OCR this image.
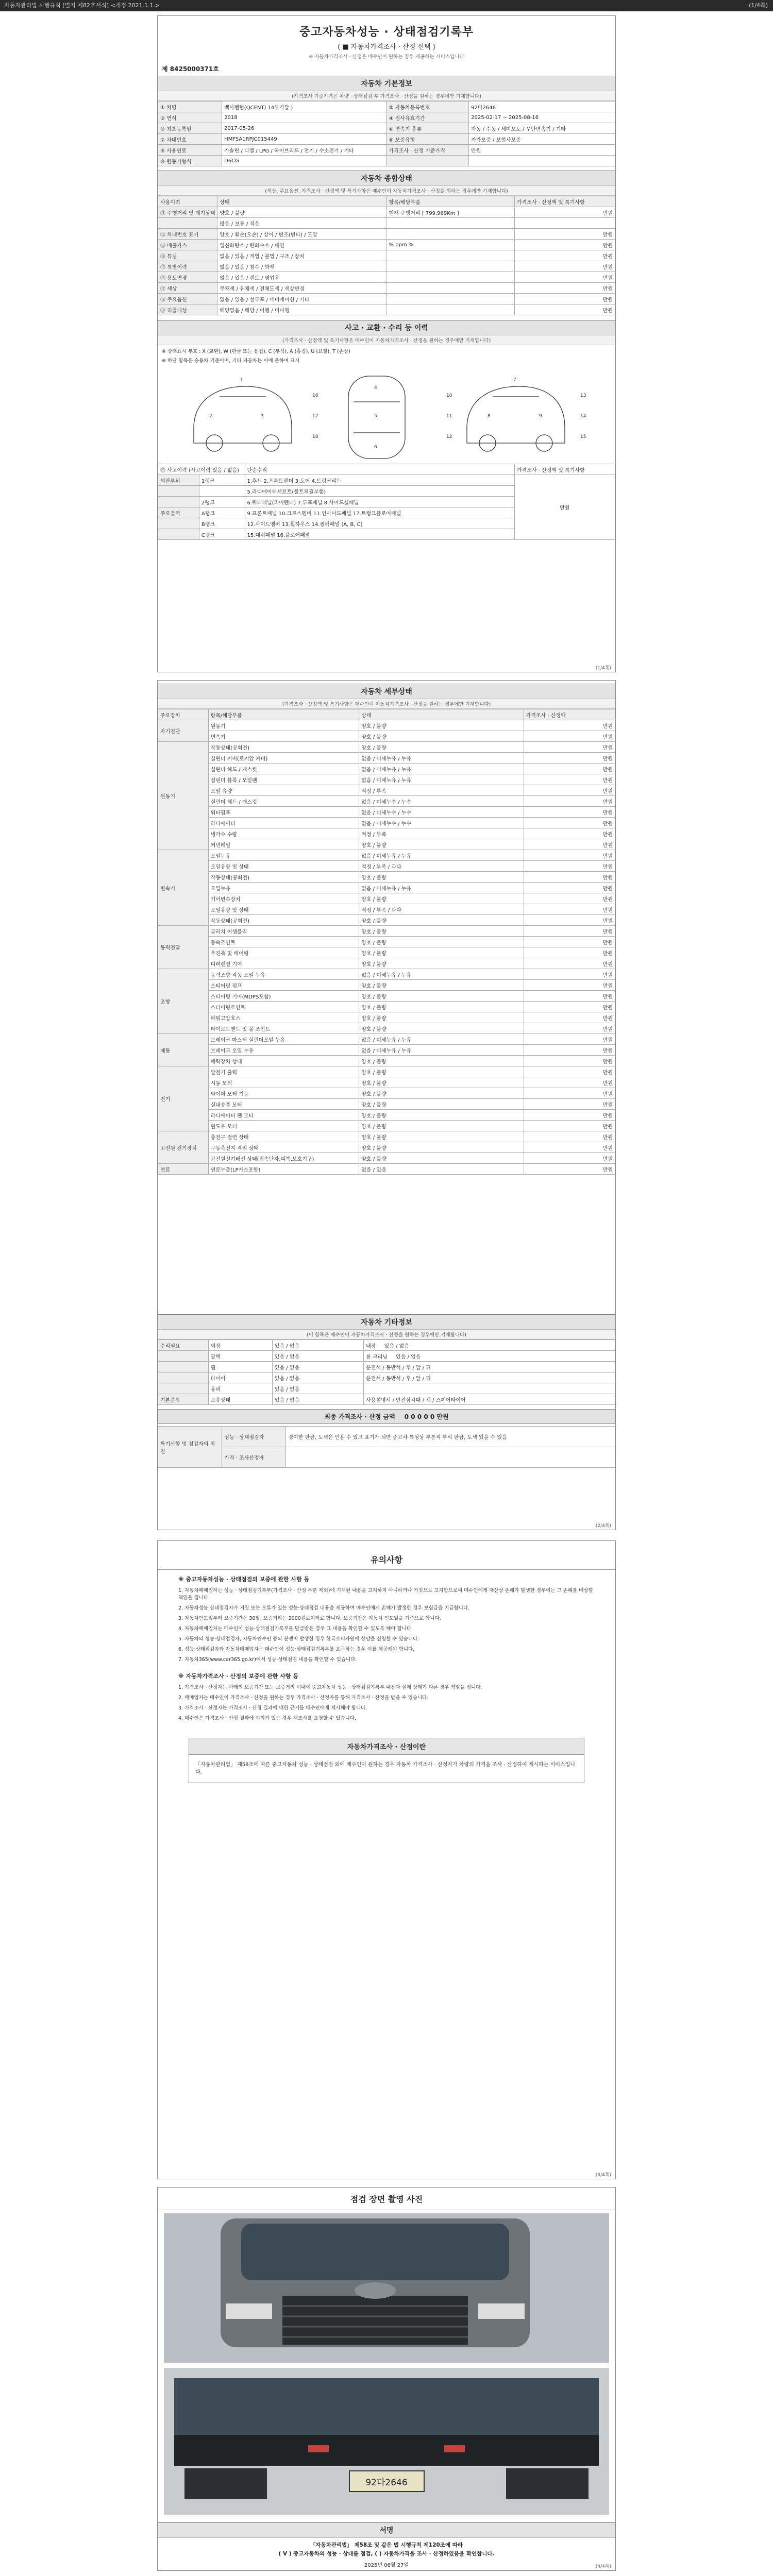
자동차관리법 시행규칙 [별지 제82호서식] <개정 2021.1.1.>	(1/4쪽)
중고자동차성능 · 상태점검기록부
( ■ 자동차가격조사 · 산정 선택 )
※ 자동차가격조사 · 산정은 매수인이 원하는 경우 제공하는 서비스입니다
제 8425000371호
자동차 기본정보
(가격조사 기준가격은 차량 · 상태점검 후 가격조사 · 산정을 원하는 경우에만 기재합니다)
① 차명	벡사펜텀(QCENT) 14부가달 )	② 자동차등록번호	92다2646
③ 연식	2018	④ 검사유효기간	2025-02-17 ~ 2025-08-16
⑤ 최초등록일	2017-05-26	⑥ 변속기 종류	자동 / 수동 / 세미오토 / 무단변속기 / 기타
⑦ 차대번호	HMFSA1RPJC015449	⑧ 보증유형	자가보증 / 보험사보증
⑨ 사용연료	가솔린 / 디젤 / LPG / 하이브리드 / 전기 / 수소전기 / 기타	가격조사 · 산정 기준가격	만원
⑩ 원동기형식	D6CG		
자동차 종합상태
(색상, 주요옵션, 가격조사 · 산정액 및 특기사항은 매수인이 자동차가격조사 · 산정을 원하는 경우에만 기재합니다)
사용이력	상태	항목/해당부품	가격조사 · 산정액 및 특기사항
⑪ 주행거리 및 계기상태	양호 / 불량	현재 주행거리 [ 799,969Km ]	만원
	많음 / 보통 / 적음		
⑫ 차대번호 표기	양호 / 훼손(오손) / 상이 / 변조(변타) / 도말		만원
⑬ 배출가스	일산화탄소 / 탄화수소 / 매연	% ppm %	만원
⑭ 튜닝	없음 / 있음 / 적법 / 불법 / 구조 / 장치		만원
⑮ 특별이력	없음 / 있음 / 침수 / 화재		만원
⑯ 용도변경	없음 / 있음 / 렌트 / 영업용		만원
⑰ 색상	무채색 / 유채색 / 전체도색 / 색상변경		만원
⑱ 주요옵션	없음 / 있음 / 선루프 / 네비게이션 / 기타		만원
⑲ 리콜대상	해당없음 / 해당 / 이행 / 미이행		만원
사고 · 교환 · 수리 등 이력
(가격조사 · 산정액 및 특기사항은 매수인이 자동차가격조사 · 산정을 원하는 경우에만 기재합니다)
※ 상태표시 부호 : X (교환), W (판금 또는 용접), C (부식), A (흠집), U (요철), T (손상)
※ 하단 항목은 승용차 기준이며, 기타 자동차는 이에 준하여 표시
1
2	3
4
5
6
7
8	9
10
11
12
13
14
15
16
17
18
⑳ 사고이력 (사고이력 있음 / 없음)		단순수리	가격조사 · 산정액 및 특기사항
외판부위	1랭크	1.후드 2.프론트펜더 3.도어 4.트렁크리드	만원
		5.라디에이터서포트(볼트체결부품)	
	2랭크	6.쿼터패널(리어펜더) 7.루프패널 8.사이드실패널	
주요골격	A랭크	9.프론트패널 10.크로스멤버 11.인사이드패널 17.트렁크플로어패널	
	B랭크	12.사이드멤버 13.휠하우스 14.필러패널 (A, B, C)	
	C랭크	15.대쉬패널 16.플로어패널	
(1/4쪽)
자동차 세부상태
(가격조사 · 산정액 및 특기사항은 매수인이 자동차가격조사 · 산정을 원하는 경우에만 기재합니다)
주요장치	항목/해당부품	상태	가격조사 · 산정액
자기진단	원동기	양호 / 불량	만원
	변속기	양호 / 불량	만원
원동기	작동상태(공회전)	양호 / 불량	만원
	실린더 커버(로커암 커버)	없음 / 미세누유 / 누유	만원
	실린더 헤드 / 개스킷	없음 / 미세누유 / 누유	만원
	실린더 블록 / 오일팬	없음 / 미세누유 / 누유	만원
	오일 유량	적정 / 부족	만원
	실린더 헤드 / 개스킷	없음 / 미세누수 / 누수	만원
	워터펌프	없음 / 미세누수 / 누수	만원
	라디에이터	없음 / 미세누수 / 누수	만원
	냉각수 수량	적정 / 부족	만원
	커먼레일	양호 / 불량	만원
변속기	오일누유	없음 / 미세누유 / 누유	만원
	오일유량 및 상태	적정 / 부족 / 과다	만원
	작동상태(공회전)	양호 / 불량	만원
	오일누유	없음 / 미세누유 / 누유	만원
	기어변속장치	양호 / 불량	만원
	오일유량 및 상태	적정 / 부족 / 과다	만원
	작동상태(공회전)	양호 / 불량	만원
동력전달	클러치 어셈블리	양호 / 불량	만원
	등속조인트	양호 / 불량	만원
	추진축 및 베어링	양호 / 불량	만원
	디퍼렌셜 기어	양호 / 불량	만원
조향	동력조향 작동 오일 누유	없음 / 미세누유 / 누유	만원
	스티어링 펌프	양호 / 불량	만원
	스티어링 기어(MDPS포함)	양호 / 불량	만원
	스티어링조인트	양호 / 불량	만원
	파워고압호스	양호 / 불량	만원
	타이로드엔드 및 볼 조인트	양호 / 불량	만원
제동	브레이크 마스터 실린더오일 누유	없음 / 미세누유 / 누유	만원
	브레이크 오일 누유	없음 / 미세누유 / 누유	만원
	배력장치 상태	양호 / 불량	만원
전기	발전기 출력	양호 / 불량	만원
	시동 모터	양호 / 불량	만원
	와이퍼 모터 기능	양호 / 불량	만원
	실내송풍 모터	양호 / 불량	만원
	라디에이터 팬 모터	양호 / 불량	만원
	윈도우 모터	양호 / 불량	만원
고전원 전기장치	충전구 절연 상태	양호 / 불량	만원
	구동축전지 격리 상태	양호 / 불량	만원
	고전원전기배선 상태(접속단자,피복,보호기구)	양호 / 불량	만원
연료	연료누출(LP가스포함)	없음 / 있음	만원
자동차 기타정보
(이 항목은 매수인이 자동차가격조사 · 산정을 원하는 경우에만 기재합니다)
수리필요	외장	있음 / 없음	내장 있음 / 없음
	광택	있음 / 없음	룸 크리닝 있음 / 없음
	휠	있음 / 없음	운전석 / 동반석 / 후 / 앞 / 뒤
	타이어	있음 / 없음	운전석 / 동반석 / 후 / 앞 / 뒤
	유리	있음 / 없음	
기본품목	보유상태	있음 / 없음	사용설명서 / 안전삼각대 / 잭 / 스페어타이어
최종 가격조사 · 산정 금액 0 0 0 0 0 만원
특기사항 및 점검자의 의견	성능 · 상태점검자	경미한 판금, 도색은 인용 수 있고 표기가 되면 중고차 특성상 부분적 부식 판금, 도색 있을 수 있음
	가격 · 조사산정자	
(2/4쪽)
유의사항
※ 중고자동차성능 · 상태점검의 보증에 관한 사항 등
1. 자동차매매업자는 성능 · 상태점검기록부(가격조사 · 산정 부분 제외)에 기재된 내용을 고지하지 아니하거나 거짓으로 고지함으로써 매수인에게 재산상 손해가 발생한 경우에는 그 손해를 배상할 책임을 집니다.
2. 자동차성능·상태점검자가 거짓 또는 오류가 있는 성능·상태점검 내용을 제공하여 매수인에게 손해가 발생한 경우 보험금을 지급합니다.
3. 자동차인도일부터 보증기간은 30일, 보증거리는 2000킬로미터로 합니다. 보증기간은 자동차 인도일을 기준으로 합니다.
4. 자동차매매업자는 매수인이 성능·상태점검기록부를 발급받은 경우 그 내용을 확인할 수 있도록 해야 합니다.
5. 자동차의 성능·상태점검자, 자동차인수인 등의 분쟁이 발생한 경우 한국소비자원에 상담을 신청할 수 있습니다.
6. 성능·상태점검자와 자동차매매업자는 매수인이 성능·상태점검기록부를 요구하는 경우 이를 제공해야 합니다.
7. 자동차365(www.car365.go.kr)에서 성능·상태점검 내용을 확인할 수 있습니다.
※ 자동차가격조사 · 산정의 보증에 관한 사항 등
1. 가격조사 · 산정자는 아래의 보증기간 또는 보증거리 이내에 중고자동차 성능 · 상태점검기록부 내용과 실제 상태가 다른 경우 책임을 집니다.
2. 매매업자는 매수인이 가격조사 · 산정을 원하는 경우 가격조사 · 산정자를 통해 가격조사 · 산정을 받을 수 있습니다.
3. 가격조사 · 산정자는 가격조사 · 산정 결과에 대한 근거를 매수인에게 제시해야 합니다.
4. 매수인은 가격조사 · 산정 결과에 이의가 있는 경우 재조사를 요청할 수 있습니다.
자동차가격조사 · 산정이란
「자동차관리법」 제58조에 따른 중고자동차 성능 · 상태점검 외에 매수인이 원하는 경우 자동차 가격조사 · 산정자가 차량의 가격을 조사 · 산정하여 제시하는 서비스입니다.
(3/4쪽)
점검 장면 촬영 사진
92다2646
서명
「자동차관리법」 제58조 및 같은 법 시행규칙 제120조에 따라
( V ) 중고자동차의 성능 · 상태를 점검, ( ) 자동차가격을 조사 · 산정하였음을 확인합니다.
2025년 06월 27일	(4/4쪽)
